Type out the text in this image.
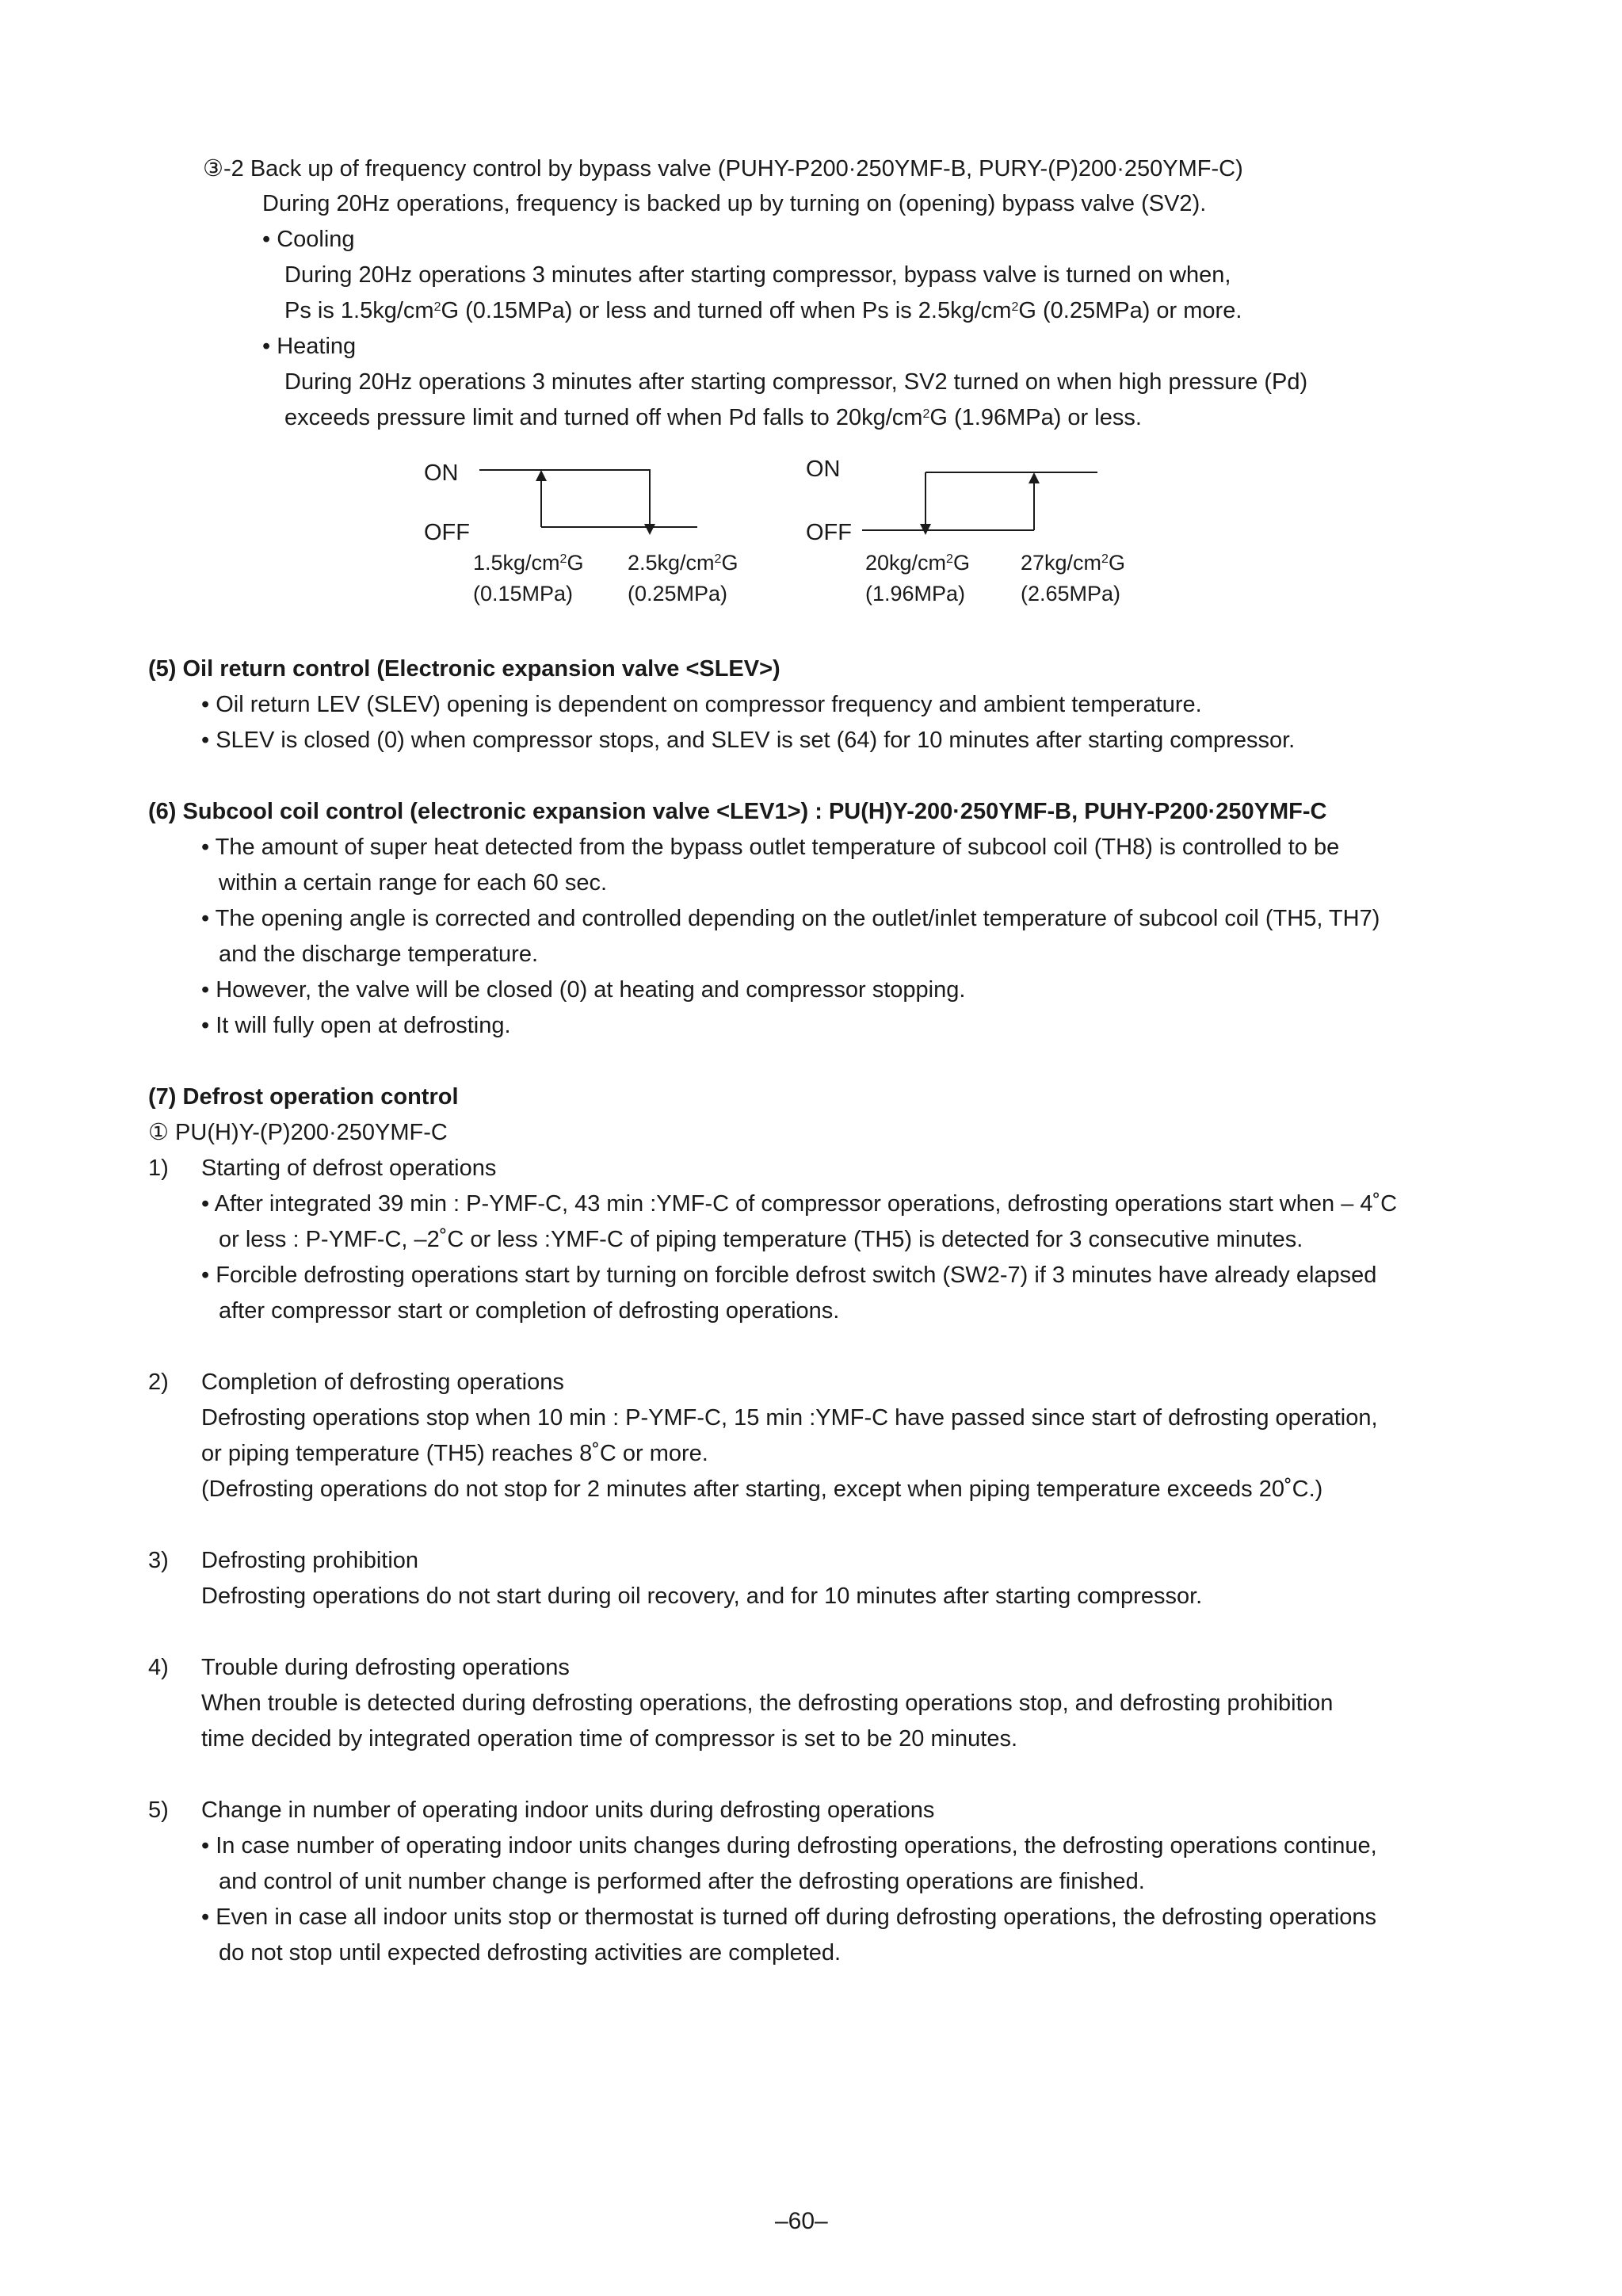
③-2 Back up of frequency control by bypass valve (PUHY-P200·250YMF-B, PURY-(P)200·250YMF-C)
During 20Hz operations, frequency is backed up by turning on (opening) bypass valve (SV2).
• Cooling
During 20Hz operations 3 minutes after starting compressor, bypass valve is turned on when,
Ps is $1.5kg/cm^2G$ (0.15MPa) or less and turned off when Ps is $2.5kg/cm^2G$ (0.25MPa) or more.
• Heating
During 20Hz operations 3 minutes after starting compressor, SV2 turned on when high pressure (Pd)
exceeds pressure limit and turned off when Pd falls to $20kg/cm^2G$ (1.96MPa) or less.
ON
OFF
ON
OFF
$1.5kg/cm^2G$
(0.15MPa)
$2.5kg/cm^2G$
(0.25MPa)
$20kg/cm^2G$
(1.96MPa)
$27kg/cm^2G$
(2.65MPa)
(5) Oil return control (Electronic expansion valve <SLEV>)
• Oil return LEV (SLEV) opening is dependent on compressor frequency and ambient temperature.
• SLEV is closed (0) when compressor stops, and SLEV is set (64) for 10 minutes after starting compressor.
(6) Subcool coil control (electronic expansion valve <LEV1>) : PU(H)Y-200·250YMF-B, PUHY-P200·250YMF-C
• The amount of super heat detected from the bypass outlet temperature of subcool coil (TH8) is controlled to be
within a certain range for each 60 sec.
• The opening angle is corrected and controlled depending on the outlet/inlet temperature of subcool coil (TH5, TH7)
and the discharge temperature.
• However, the valve will be closed (0) at heating and compressor stopping.
• It will fully open at defrosting.
(7) Defrost operation control
① PU(H)Y-(P)200·250YMF-C
1) Starting of defrost operations
• After integrated 39 min : P-YMF-C, 43 min :YMF-C of compressor operations, defrosting operations start when – 4˚C
or less : P-YMF-C, –2˚C or less :YMF-C of piping temperature (TH5) is detected for 3 consecutive minutes.
• Forcible defrosting operations start by turning on forcible defrost switch (SW2-7) if 3 minutes have already elapsed
after compressor start or completion of defrosting operations.
2) Completion of defrosting operations
Defrosting operations stop when 10 min : P-YMF-C, 15 min :YMF-C have passed since start of defrosting operation,
or piping temperature (TH5) reaches 8˚C or more.
(Defrosting operations do not stop for 2 minutes after starting, except when piping temperature exceeds 20˚C.)
3) Defrosting prohibition
Defrosting operations do not start during oil recovery, and for 10 minutes after starting compressor.
4) Trouble during defrosting operations
When trouble is detected during defrosting operations, the defrosting operations stop, and defrosting prohibition
time decided by integrated operation time of compressor is set to be 20 minutes.
5) Change in number of operating indoor units during defrosting operations
• In case number of operating indoor units changes during defrosting operations, the defrosting operations continue,
and control of unit number change is performed after the defrosting operations are finished.
• Even in case all indoor units stop or thermostat is turned off during defrosting operations, the defrosting operations
do not stop until expected defrosting activities are completed.
–60–
